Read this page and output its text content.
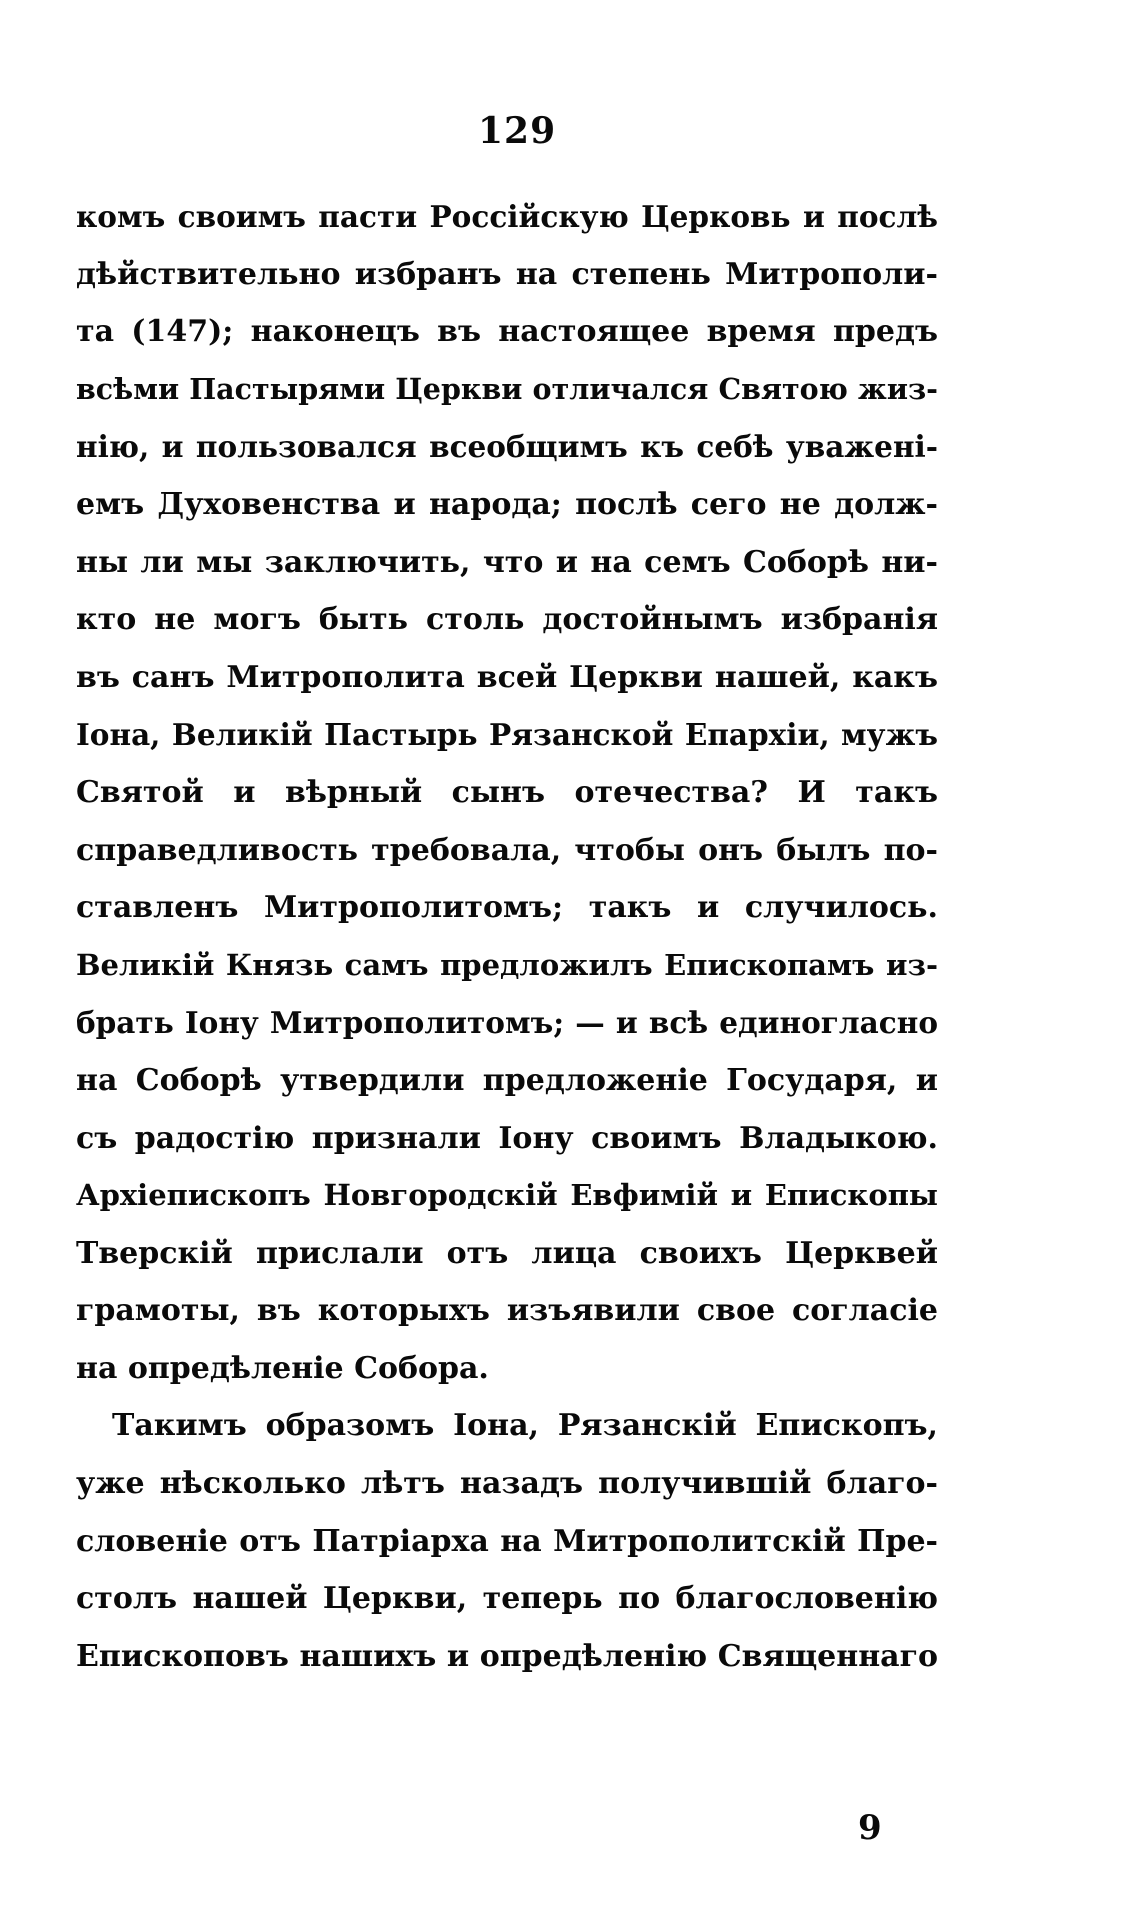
129
комъ своимъ пасти Россійскую Церковь и послѣ
дѣйствительно избранъ на степень Митрополи-
та (147); наконецъ въ настоящее время предъ
всѣми Пастырями Церкви отличался Святою жиз-
нію, и пользовался всеобщимъ къ себѣ уваженi-
емъ Духовенства и народа; послѣ сего не долж-
ны ли мы заключить, что и на семъ Соборѣ ни-
кто не могъ быть столь достойнымъ избранія
въ санъ Митрополита всей Церкви нашей, какъ
Іона, Великій Пастырь Рязанской Епархіи, мужъ
Святой и вѣрный сынъ отечества? И такъ
справедливость требовала, чтобы онъ былъ по-
ставленъ Митрополитомъ; такъ и случилось.
Великій Князь самъ предложилъ Епископамъ из-
брать Іону Митрополитомъ; — и всѣ единогласно
на Соборѣ утвердили предложеніе Государя, и
съ радостію признали Іону своимъ Владыкою.
Архіепископъ Новгородскій Евфимій и Епископы
Тверскій прислали отъ лица своихъ Церквей
грамоты, въ которыхъ изъявили свое согласіе
на опредѣленіе Собора.
Такимъ образомъ Іона, Рязанскій Епископъ,
уже нѣсколько лѣтъ назадъ получившій благо-
словеніе отъ Патріарха на Митрополитскій Пре-
столъ нашей Церкви, теперь по благословенію
Епископовъ нашихъ и опредѣленію Священнаго
9
